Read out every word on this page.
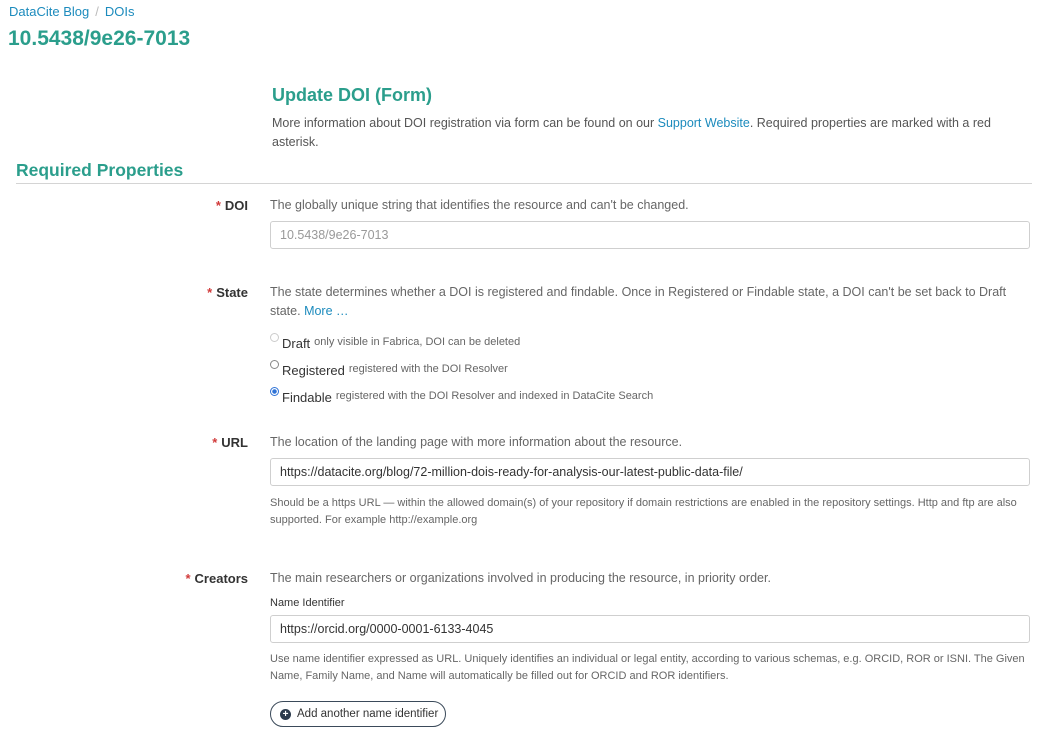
DataCite Blog / DOIs
10.5438/9e26-7013
Update DOI (Form)
More information about DOI registration via form can be found on our Support Website. Required properties are marked with a red asterisk.
Required Properties
* DOI The globally unique string that identifies the resource and can't be changed.
10.5438/9e26-7013
* State The state determines whether a DOI is registered and findable. Once in Registered or Findable state, a DOI can't be set back to Draft state. More …
Draft only visible in Fabrica, DOI can be deleted
Registered registered with the DOI Resolver
Findable registered with the DOI Resolver and indexed in DataCite Search
* URL The location of the landing page with more information about the resource.
https://datacite.org/blog/72-million-dois-ready-for-analysis-our-latest-public-data-file/
Should be a https URL — within the allowed domain(s) of your repository if domain restrictions are enabled in the repository settings. Http and ftp are also supported. For example http://example.org
* Creators The main researchers or organizations involved in producing the resource, in priority order.
Name Identifier
https://orcid.org/0000-0001-6133-4045
Use name identifier expressed as URL. Uniquely identifies an individual or legal entity, according to various schemas, e.g. ORCID, ROR or ISNI. The Given Name, Family Name, and Name will automatically be filled out for ORCID and ROR identifiers.
+ Add another name identifier
